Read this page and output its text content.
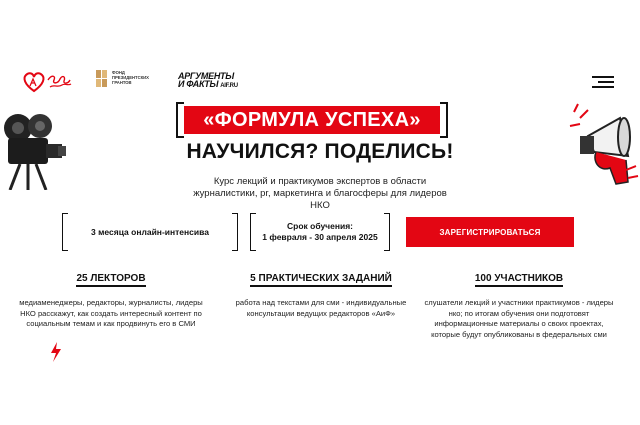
ФОНД ПРЕЗИДЕНТСКИХ ГРАНТОВ
АРГУМЕНТЫ
И ФАКТЫ AIF.RU
«ФОРМУЛА УСПЕХА»
НАУЧИЛСЯ? ПОДЕЛИСЬ!
Курс лекций и практикумов экспертов в области журналистики, pr, маркетинга и благосферы для лидеров НКО
3 месяца онлайн-интенсива
Срок обучения:
1 февраля - 30 апреля 2025	ЗАРЕГИСТРИРОВАТЬСЯ
25 ЛЕКТОРОВ
медиаменеджеры, редакторы, журналисты, лидеры НКО расскажут, как создать интересный контент по социальным темам и как продвинуть его в СМИ
5 ПРАКТИЧЕСКИХ ЗАДАНИЙ
работа над текстами для сми - индивидуальные консультации ведущих редакторов «АиФ»
100 УЧАСТНИКОВ
слушатели лекций и участники практикумов - лидеры нко; по итогам обучения они подготовят информационные материалы о своих проектах, которые будут опубликованы в федеральных сми
